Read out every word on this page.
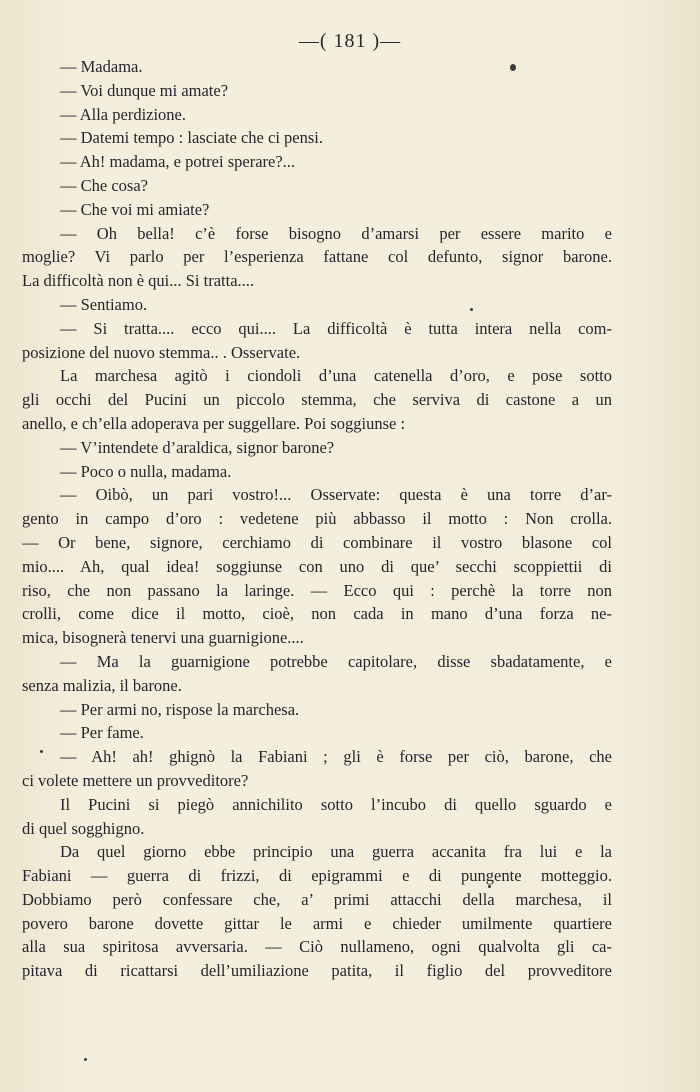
—( 181 )—
— Madama.
— Voi dunque mi amate?
— Alla perdizione.
— Datemi tempo : lasciate che ci pensi.
— Ah! madama, e potrei sperare?...
— Che cosa?
— Che voi mi amiate?
— Oh bella! c’è forse bisogno d’amarsi per essere marito e
moglie? Vi parlo per l’esperienza fattane col defunto, signor barone.
La difficoltà non è qui... Si tratta....
— Sentiamo.
— Si tratta.... ecco qui.... La difficoltà è tutta intera nella com-
posizione del nuovo stemma.. . Osservate.
La marchesa agitò i ciondoli d’una catenella d’oro, e pose sotto
gli occhi del Pucini un piccolo stemma, che serviva di castone a un
anello, e ch’ella adoperava per suggellare. Poi soggiunse :
— V’intendete d’araldica, signor barone?
— Poco o nulla, madama.
— Oibò, un pari vostro!... Osservate: questa è una torre d’ar-
gento in campo d’oro : vedetene più abbasso il motto : Non crolla.
— Or bene, signore, cerchiamo di combinare il vostro blasone col
mio.... Ah, qual idea! soggiunse con uno di que’ secchi scoppiettii di
riso, che non passano la laringe. — Ecco qui : perchè la torre non
crolli, come dice il motto, cioè, non cada in mano d’una forza ne-
mica, bisognerà tenervi una guarnigione....
— Ma la guarnigione potrebbe capitolare, disse sbadatamente, e
senza malizia, il barone.
— Per armi no, rispose la marchesa.
— Per fame.
— Ah! ah! ghignò la Fabiani ; gli è forse per ciò, barone, che
ci volete mettere un provveditore?
Il Pucini si piegò annichilito sotto l’incubo di quello sguardo e
di quel sogghigno.
Da quel giorno ebbe principio una guerra accanita fra lui e la
Fabiani — guerra di frizzi, di epigrammi e di pungente motteggio.
Dobbiamo però confessare che, a’ primi attacchi della marchesa, il
povero barone dovette gittar le armi e chieder umilmente quartiere
alla sua spiritosa avversaria. — Ciò nullameno, ogni qualvolta gli ca-
pitava di ricattarsi dell’umiliazione patita, il figlio del provveditore
